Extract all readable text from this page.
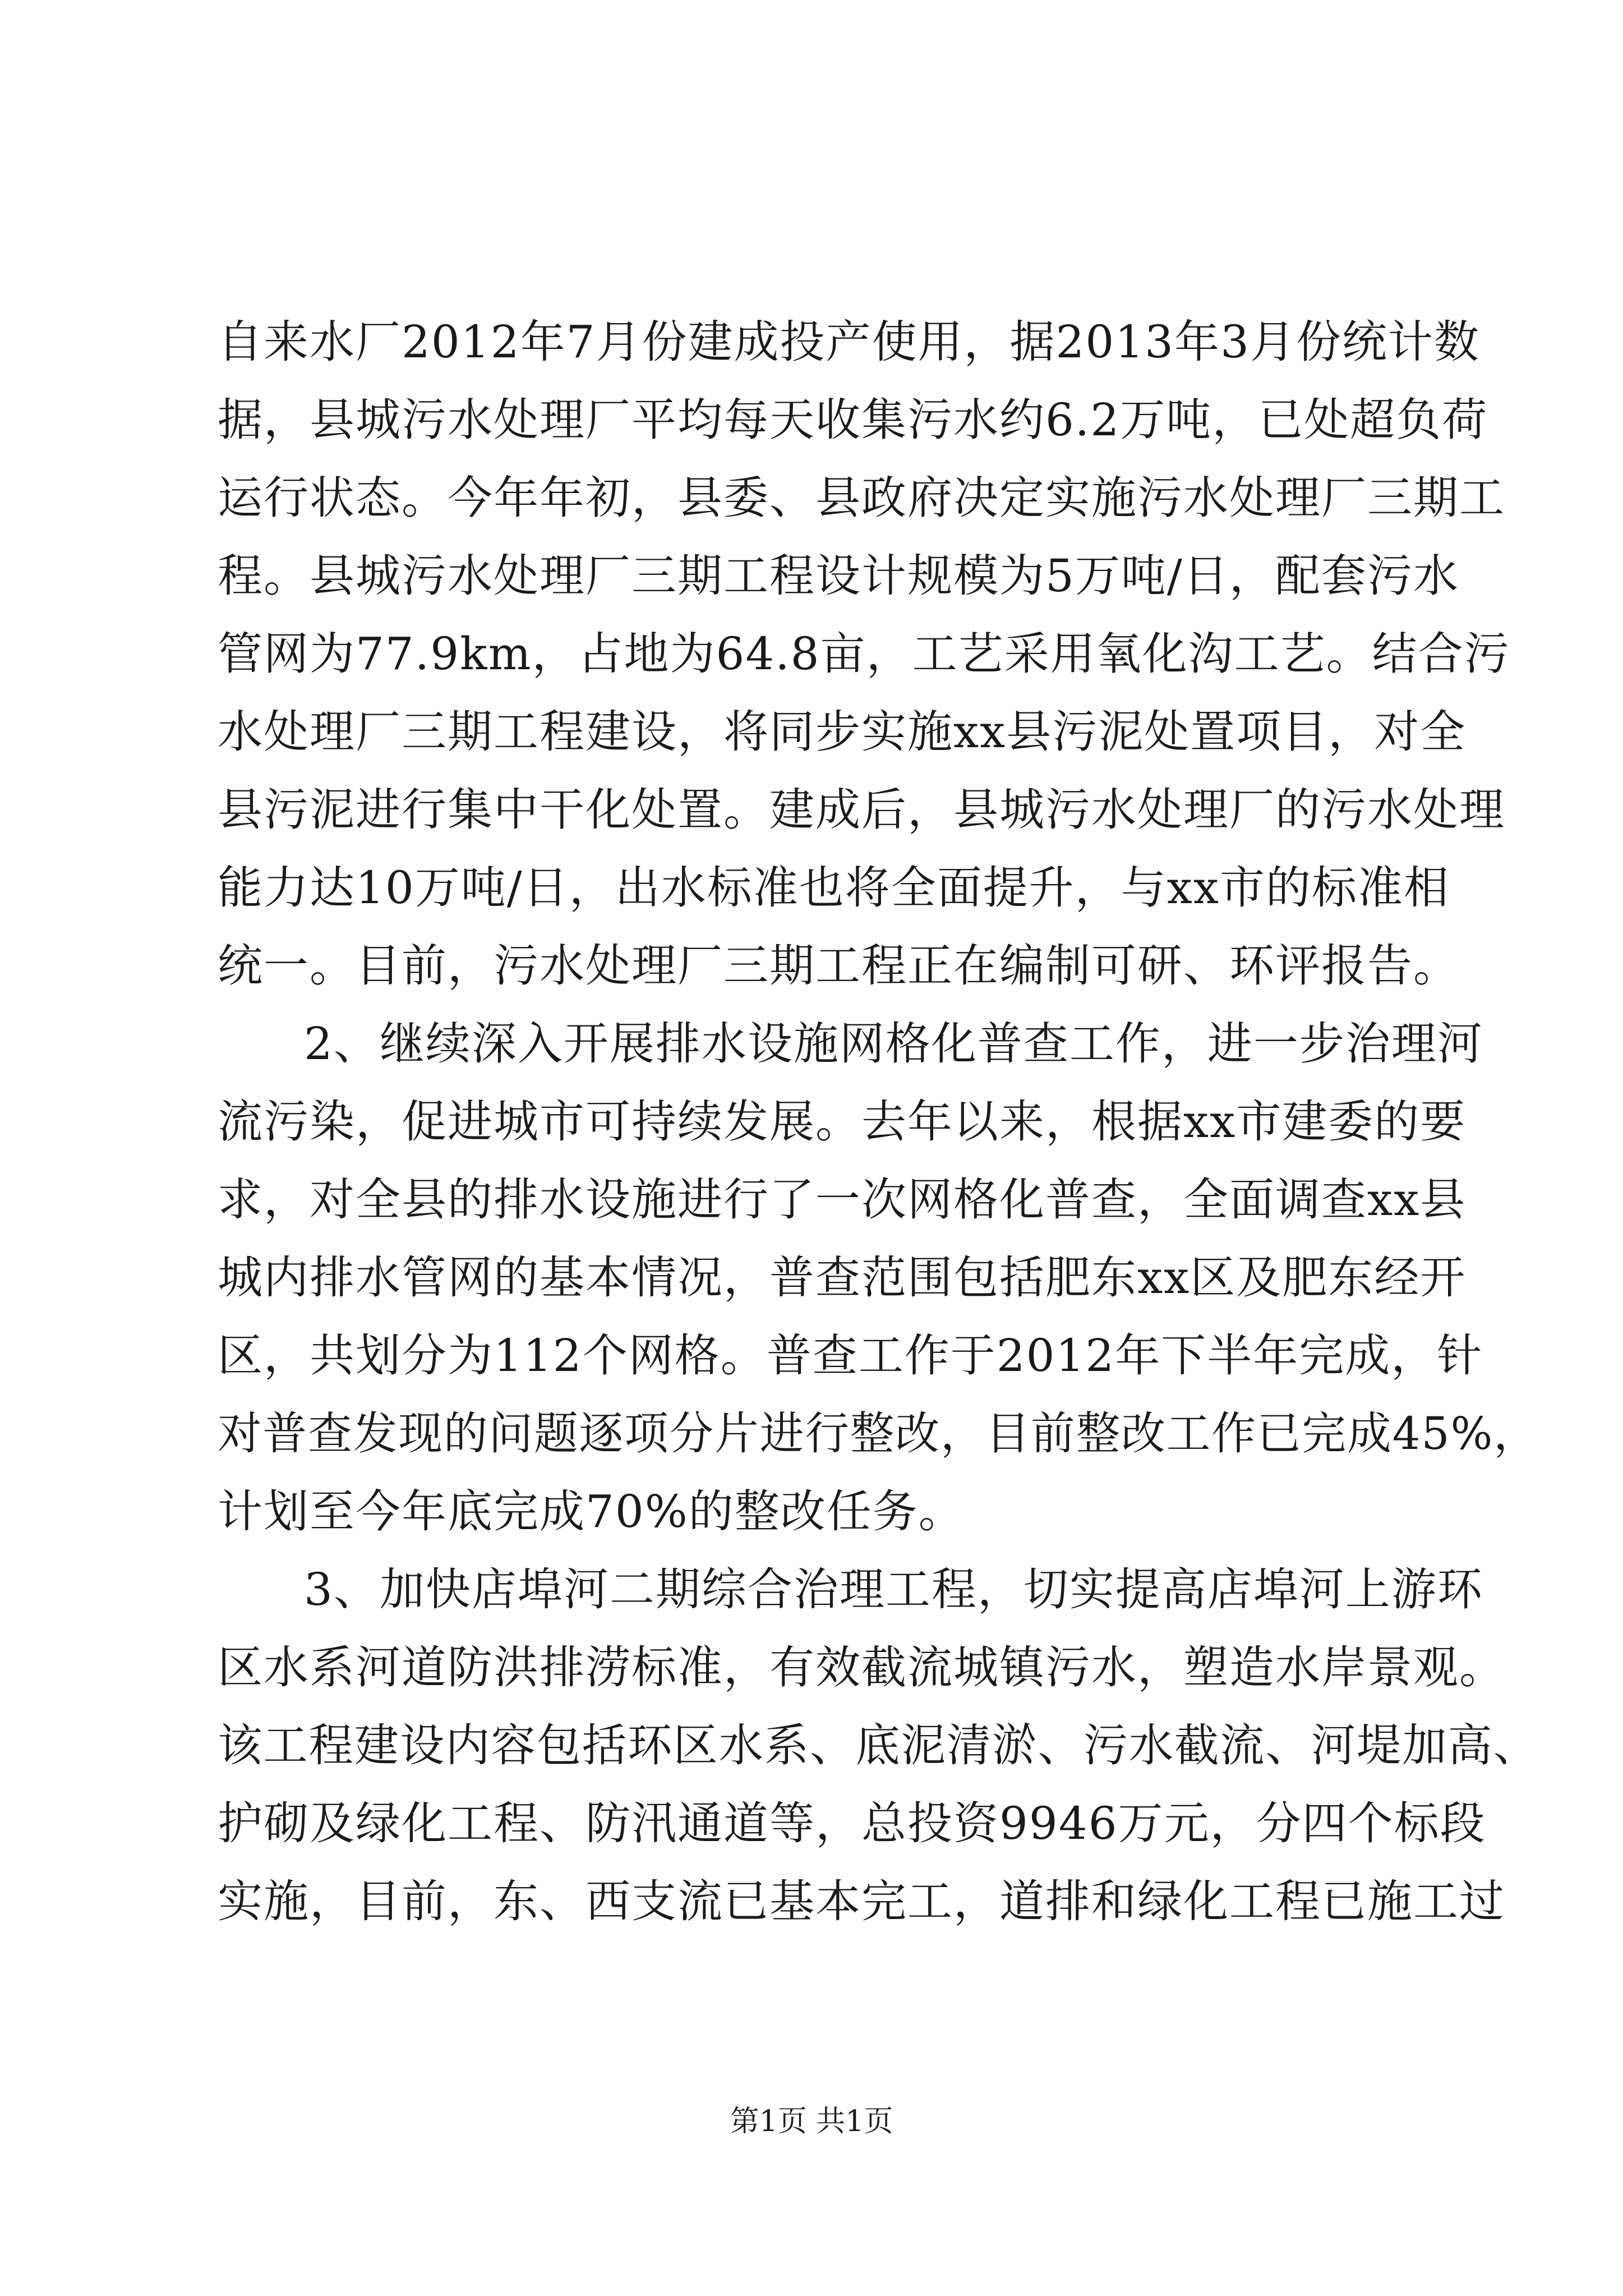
自来水厂2012年7月份建成投产使用，据2013年3月份统计数
据，县城污水处理厂平均每天收集污水约6.2万吨，已处超负荷
运行状态。今年年初，县委、县政府决定实施污水处理厂三期工
程。县城污水处理厂三期工程设计规模为5万吨/日，配套污水
管网为77.9km，占地为64.8亩，工艺采用氧化沟工艺。结合污
水处理厂三期工程建设，将同步实施xx县污泥处置项目，对全
县污泥进行集中干化处置。建成后，县城污水处理厂的污水处理
能力达10万吨/日，出水标准也将全面提升，与xx市的标准相
统一。目前，污水处理厂三期工程正在编制可研、环评报告。
2、继续深入开展排水设施网格化普查工作，进一步治理河
流污染，促进城市可持续发展。去年以来，根据xx市建委的要
求，对全县的排水设施进行了一次网格化普查，全面调查xx县
城内排水管网的基本情况，普查范围包括肥东xx区及肥东经开
区，共划分为112个网格。普查工作于2012年下半年完成，针
对普查发现的问题逐项分片进行整改，目前整改工作已完成45%，
计划至今年底完成70%的整改任务。
3、加快店埠河二期综合治理工程，切实提高店埠河上游环
区水系河道防洪排涝标准，有效截流城镇污水，塑造水岸景观。
该工程建设内容包括环区水系、底泥清淤、污水截流、河堤加高、
护砌及绿化工程、防汛通道等，总投资9946万元，分四个标段
实施，目前，东、西支流已基本完工，道排和绿化工程已施工过
第1页 共1页
